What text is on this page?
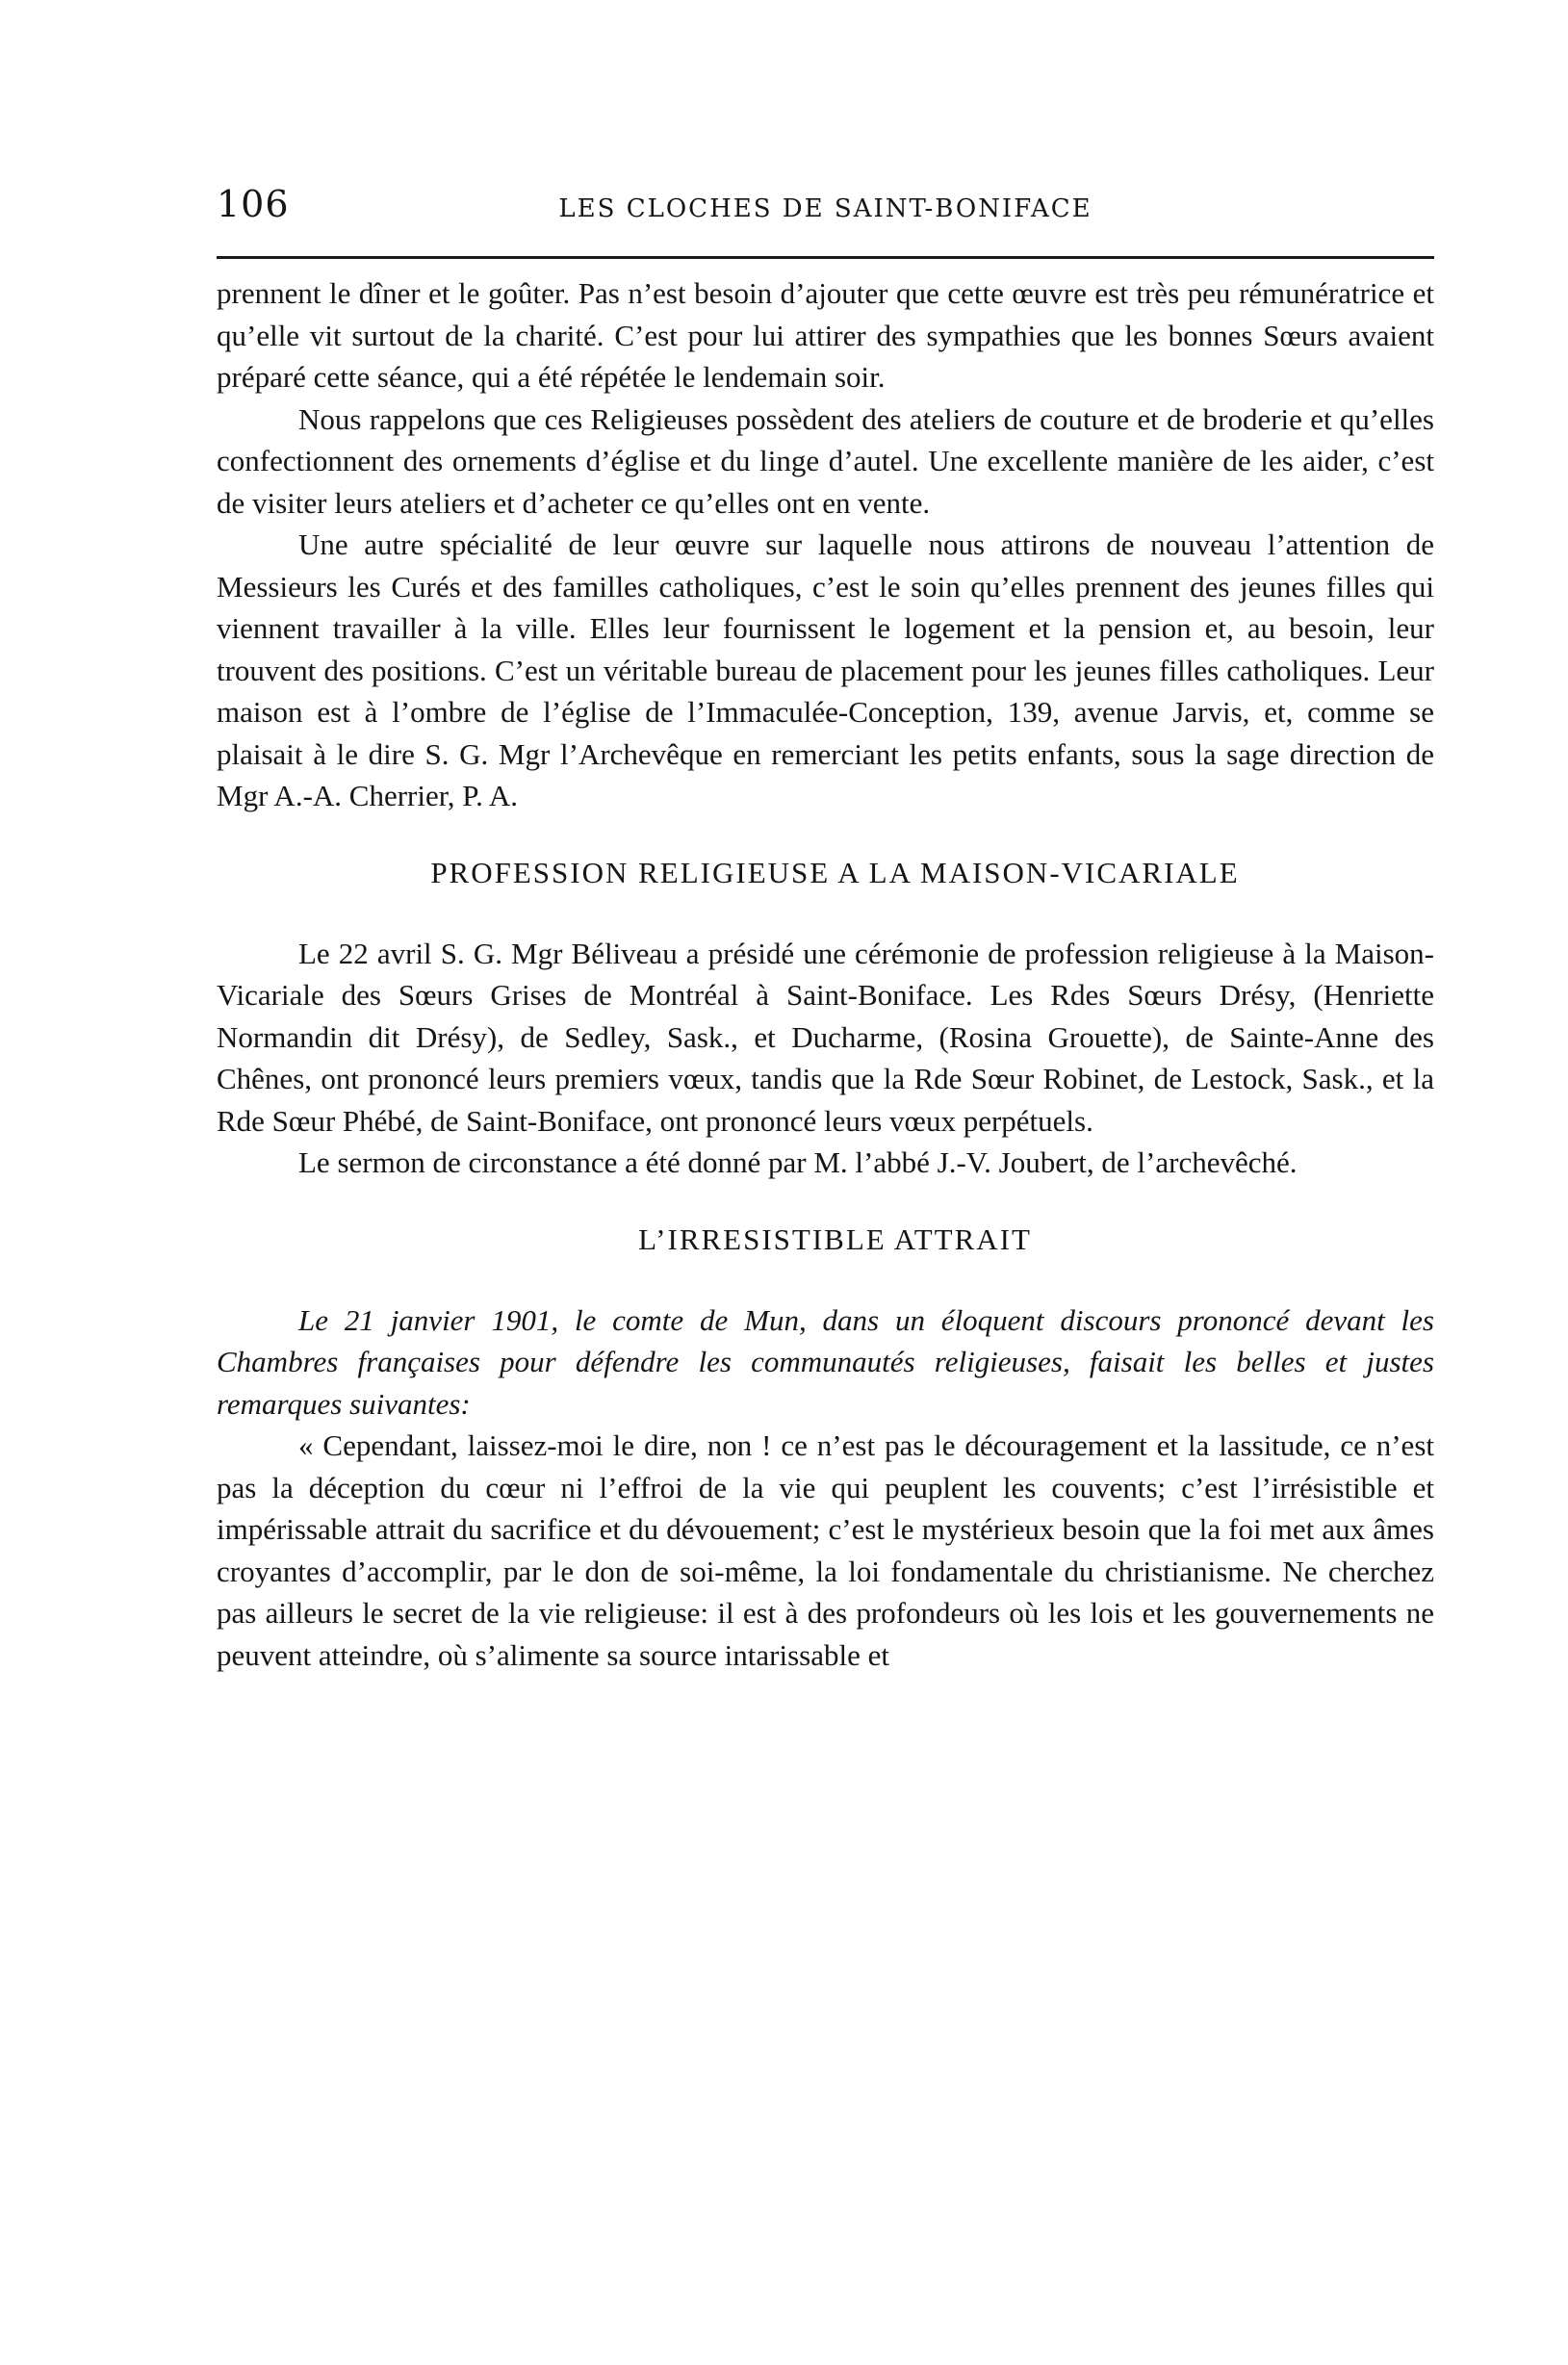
106	LES CLOCHES DE SAINT-BONIFACE

prennent le dîner et le goûter. Pas n’est besoin d’ajouter que cette œuvre est très peu rémunératrice et qu’elle vit surtout de la charité. C’est pour lui attirer des sympathies que les bonnes Sœurs avaient préparé cette séance, qui a été répétée le lendemain soir.

Nous rappelons que ces Religieuses possèdent des ateliers de couture et de broderie et qu’elles confectionnent des ornements d’église et du linge d’autel. Une excellente manière de les aider, c’est de visiter leurs ateliers et d’acheter ce qu’elles ont en vente.

Une autre spécialité de leur œuvre sur laquelle nous attirons de nouveau l’attention de Messieurs les Curés et des familles catholiques, c’est le soin qu’elles prennent des jeunes filles qui viennent travailler à la ville. Elles leur fournissent le logement et la pension et, au besoin, leur trouvent des positions. C’est un véritable bureau de placement pour les jeunes filles catholiques. Leur maison est à l’ombre de l’église de l’Immaculée-Conception, 139, avenue Jarvis, et, comme se plaisait à le dire S. G. Mgr l’Archevêque en remerciant les petits enfants, sous la sage direction de Mgr A.-A. Cherrier, P. A.

PROFESSION RELIGIEUSE A LA MAISON-VICARIALE

Le 22 avril S. G. Mgr Béliveau a présidé une cérémonie de profession religieuse à la Maison-Vicariale des Sœurs Grises de Montréal à Saint-Boniface. Les Rdes Sœurs Drésy, (Henriette Normandin dit Drésy), de Sedley, Sask., et Ducharme, (Rosina Grouette), de Sainte-Anne des Chênes, ont prononcé leurs premiers vœux, tandis que la Rde Sœur Robinet, de Lestock, Sask., et la Rde Sœur Phébé, de Saint-Boniface, ont prononcé leurs vœux perpétuels.

Le sermon de circonstance a été donné par M. l’abbé J.-V. Joubert, de l’archevêché.

L’IRRESISTIBLE ATTRAIT

Le 21 janvier 1901, le comte de Mun, dans un éloquent discours prononcé devant les Chambres françaises pour défendre les communautés religieuses, faisait les belles et justes remarques suivantes:

« Cependant, laissez-moi le dire, non ! ce n’est pas le découragement et la lassitude, ce n’est pas la déception du cœur ni l’effroi de la vie qui peuplent les couvents; c’est l’irrésistible et impérissable attrait du sacrifice et du dévouement; c’est le mystérieux besoin que la foi met aux âmes croyantes d’accomplir, par le don de soi-même, la loi fondamentale du christianisme. Ne cherchez pas ailleurs le secret de la vie religieuse: il est à des profondeurs où les lois et les gouvernements ne peuvent atteindre, où s’alimente sa source intarissable et
